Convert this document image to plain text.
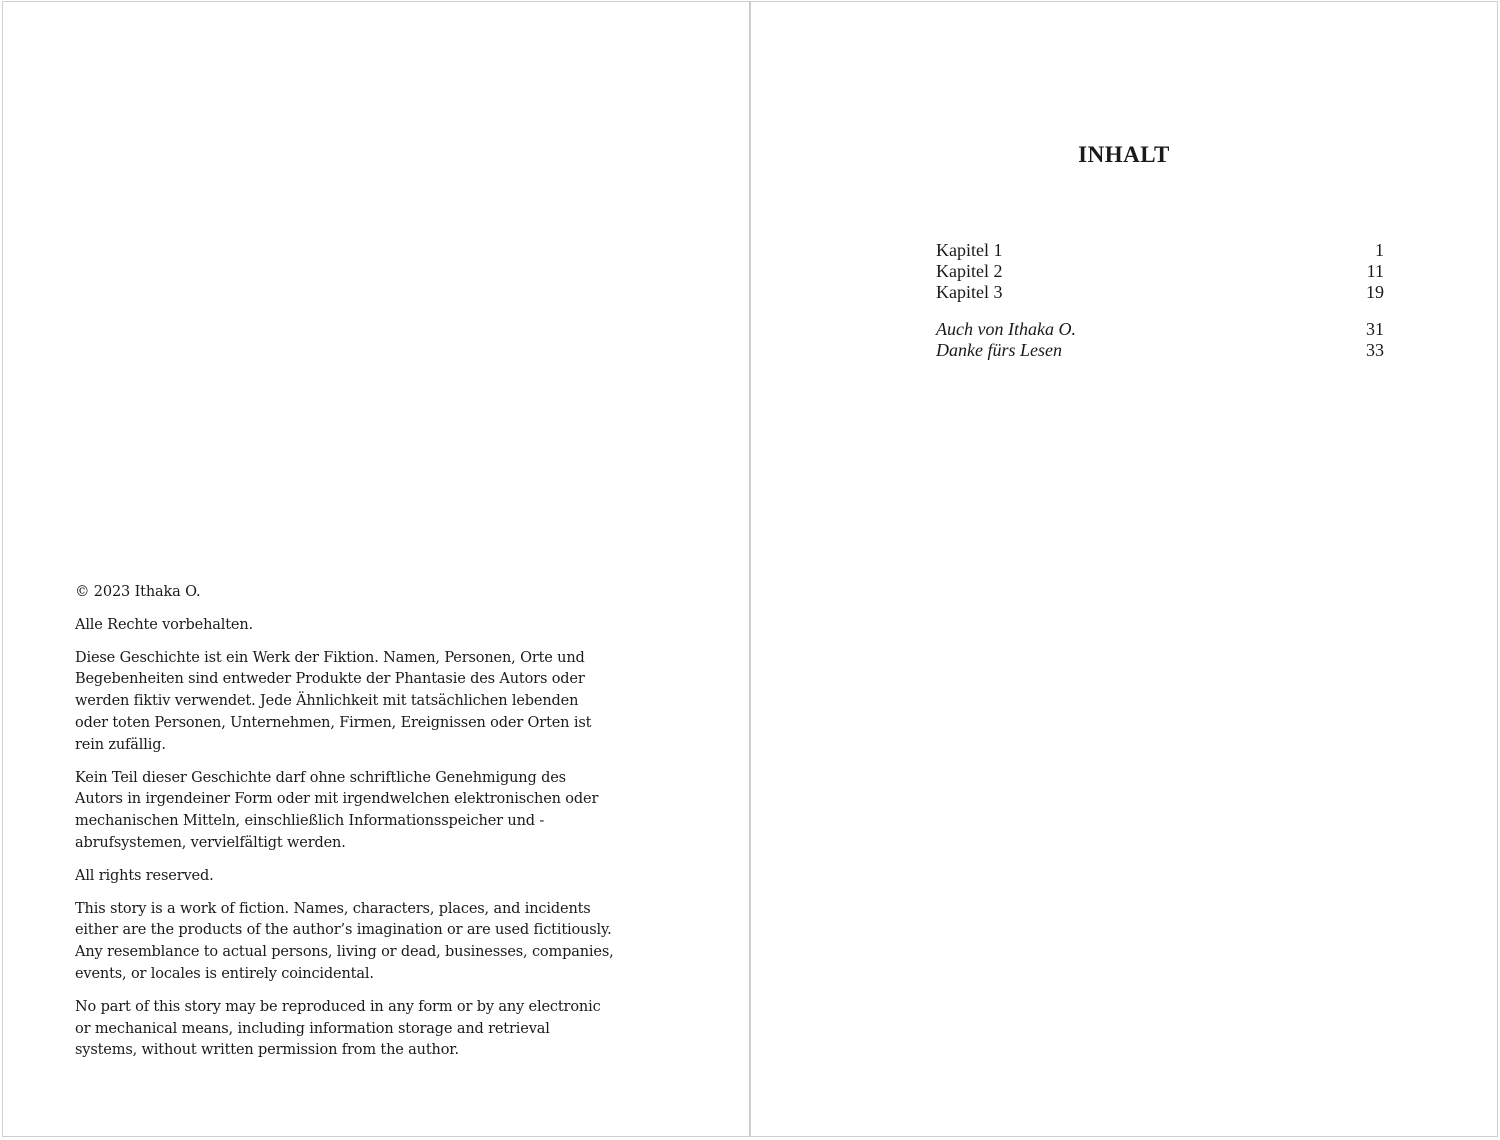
© 2023 Ithaka O.

Alle Rechte vorbehalten.

Diese Geschichte ist ein Werk der Fiktion. Namen, Personen, Orte und Begebenheiten sind entweder Produkte der Phantasie des Autors oder werden fiktiv verwendet. Jede Ähnlichkeit mit tatsächlichen lebenden oder toten Personen, Unternehmen, Firmen, Ereignissen oder Orten ist rein zufällig.

Kein Teil dieser Geschichte darf ohne schriftliche Genehmigung des Autors in irgendeiner Form oder mit irgendwelchen elektronischen oder mechanischen Mitteln, einschließlich Informationsspeicher und -abrufsystemen, vervielfältigt werden.

All rights reserved.

This story is a work of fiction. Names, characters, places, and incidents either are the products of the author’s imagination or are used fictitiously. Any resemblance to actual persons, living or dead, businesses, companies, events, or locales is entirely coincidental.

No part of this story may be reproduced in any form or by any electronic or mechanical means, including information storage and retrieval systems, without written permission from the author.

INHALT
Kapitel 1	1
Kapitel 2	11
Kapitel 3	19
Auch von Ithaka O.	31
Danke fürs Lesen	33
